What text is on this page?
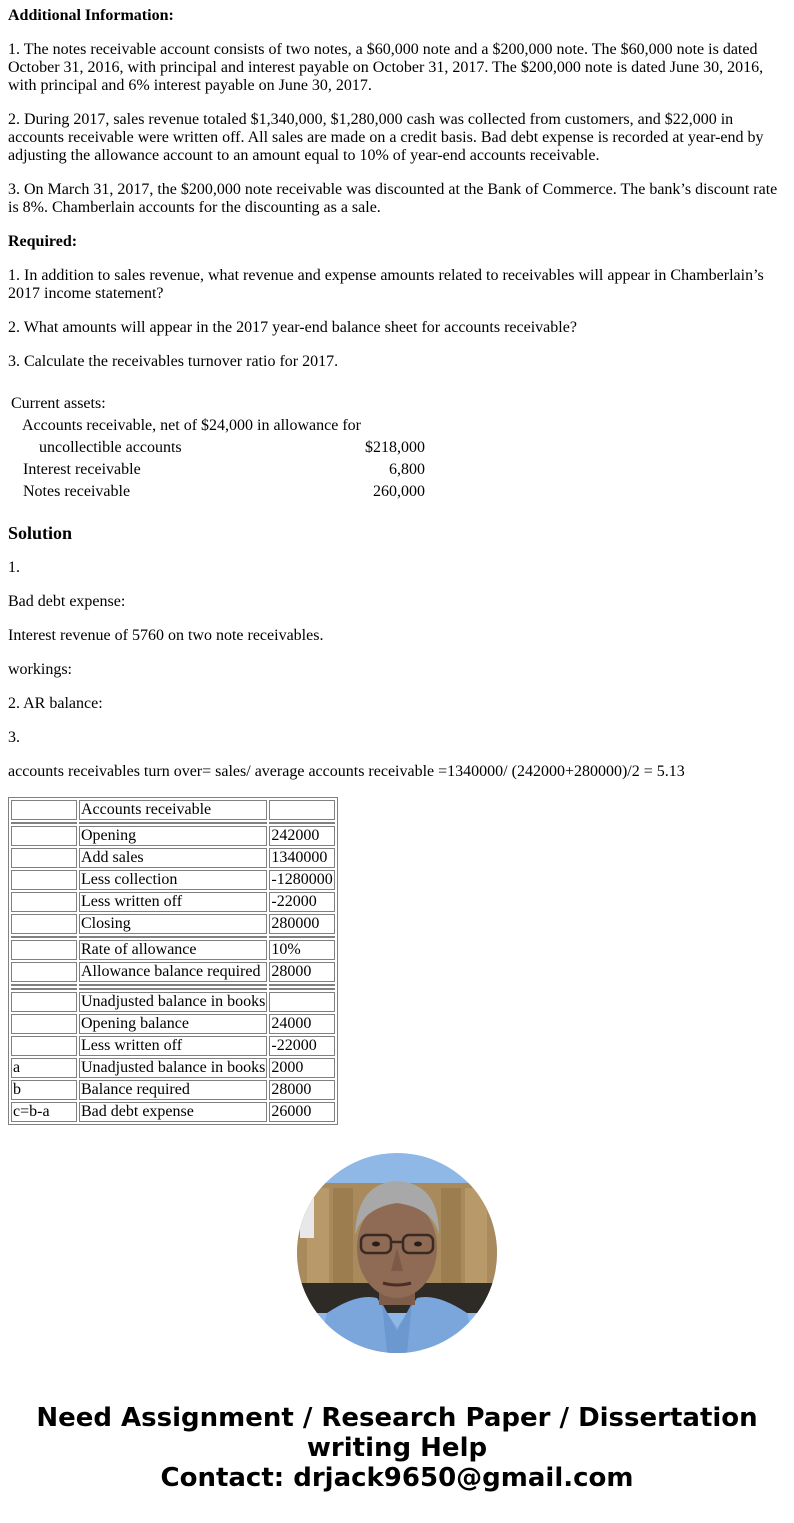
Additional Information:

1. The notes receivable account consists of two notes, a $60,000 note and a $200,000 note. The $60,000 note is dated October 31, 2016, with principal and interest payable on October 31, 2017. The $200,000 note is dated June 30, 2016, with principal and 6% interest payable on June 30, 2017.

2. During 2017, sales revenue totaled $1,340,000, $1,280,000 cash was collected from customers, and $22,000 in accounts receivable were written off. All sales are made on a credit basis. Bad debt expense is recorded at year-end by adjusting the allowance account to an amount equal to 10% of year-end accounts receivable.

3. On March 31, 2017, the $200,000 note receivable was discounted at the Bank of Commerce. The bank’s discount rate is 8%. Chamberlain accounts for the discounting as a sale.

Required:

1. In addition to sales revenue, what revenue and expense amounts related to receivables will appear in Chamberlain’s 2017 income statement?

2. What amounts will appear in the 2017 year-end balance sheet for accounts receivable?

3. Calculate the receivables turnover ratio for 2017.

Current assets:
Accounts receivable, net of $24,000 in allowance for
uncollectible accounts	$218,000
Interest receivable	6,800
Notes receivable	260,000
Solution

1.

Bad debt expense:

Interest revenue of 5760 on two note receivables.

workings:

2. AR balance:

3.

accounts receivables turn over= sales/ average accounts receivable =1340000/ (242000+280000)/2 = 5.13

	Accounts receivable	

	Opening	242000
	Add sales	1340000
	Less collection	-1280000
	Less written off	-22000
	Closing	280000

	Rate of allowance	10%
	Allowance balance required	28000

	Unadjusted balance in books	
	Opening balance	24000
	Less written off	-22000
a	Unadjusted balance in books	2000
b	Balance required	28000
c=b-a	Bad debt expense	26000
Need Assignment / Research Paper / Dissertation
writing Help
Contact: drjack9650@gmail.com
